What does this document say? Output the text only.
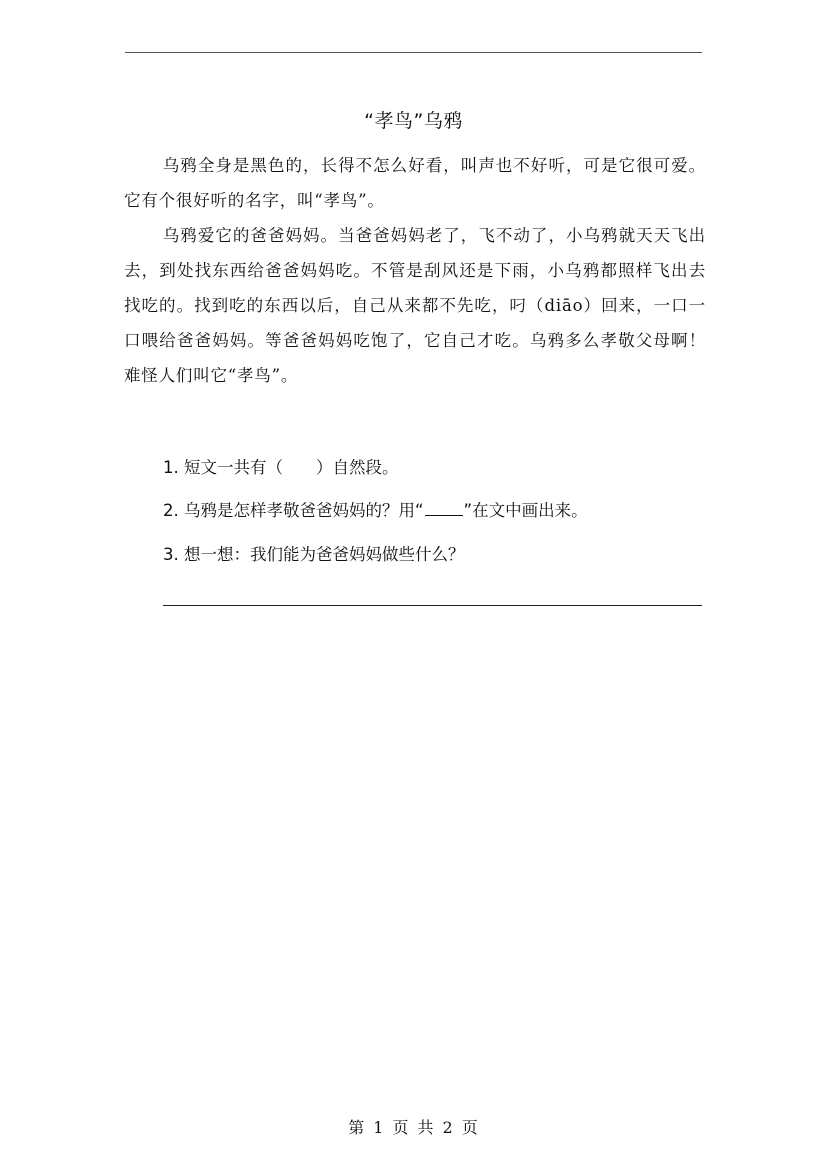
“孝鸟”乌鸦

乌鸦全身是黑色的，长得不怎么好看，叫声也不好听，可是它很可爱。它有个很好听的名字，叫“孝鸟”。

乌鸦爱它的爸爸妈妈。当爸爸妈妈老了，飞不动了，小乌鸦就天天飞出去，到处找东西给爸爸妈妈吃。不管是刮风还是下雨，小乌鸦都照样飞出去找吃的。找到吃的东西以后，自己从来都不先吃，叼（diāo）回来，一口一口喂给爸爸妈妈。等爸爸妈妈吃饱了，它自己才吃。乌鸦多么孝敬父母啊！难怪人们叫它“孝鸟”。

1. 短文一共有（　　）自然段。
2. 乌鸦是怎样孝敬爸爸妈妈的？用“ ”在文中画出来。
3. 想一想：我们能为爸爸妈妈做些什么？
第 1 页 共 2 页
